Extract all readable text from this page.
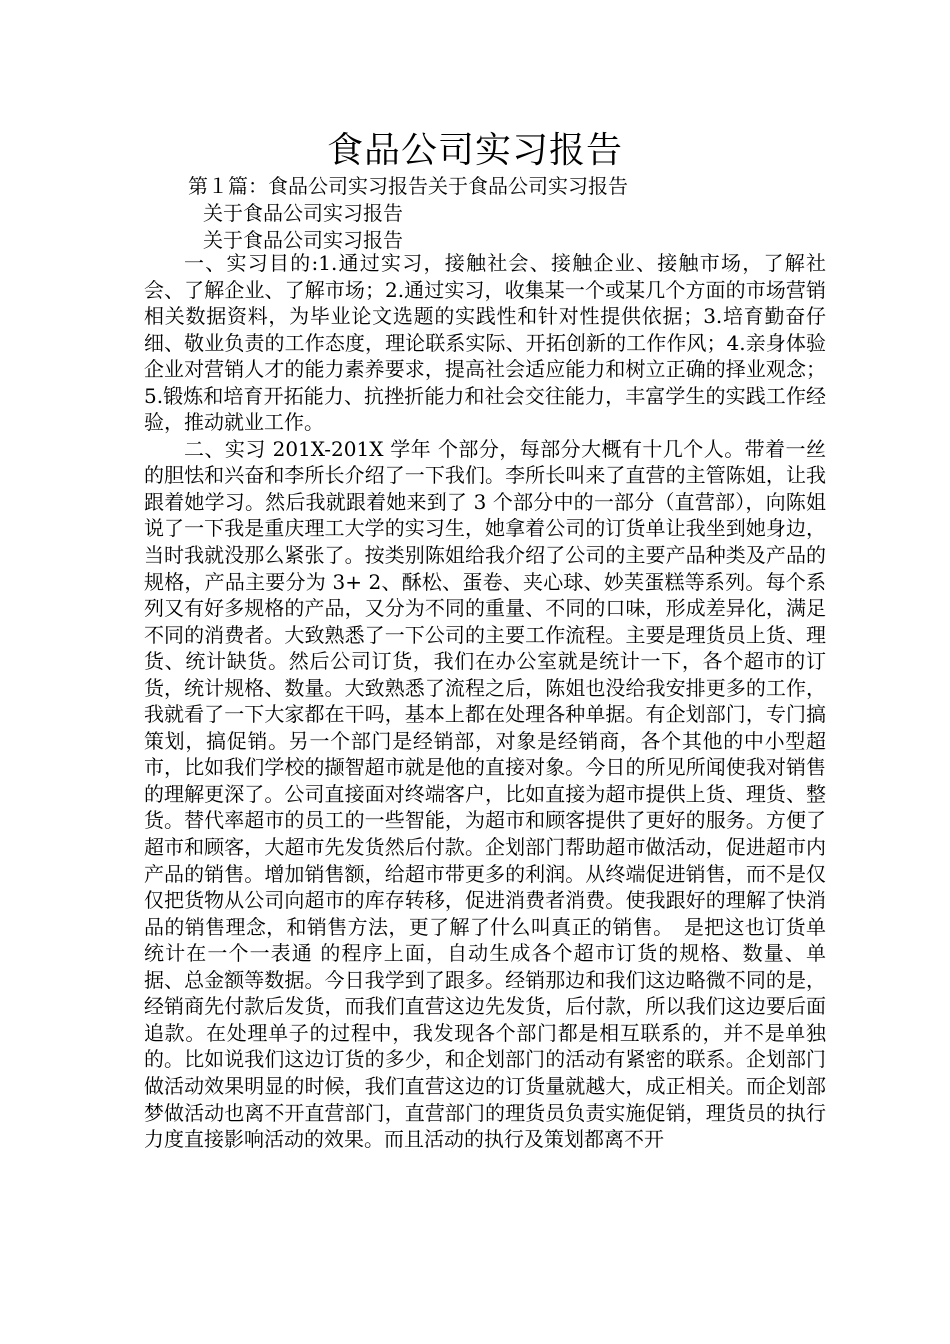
食品公司实习报告
第１篇：食品公司实习报告关于食品公司实习报告
关于食品公司实习报告
关于食品公司实习报告

一、实习目的:1.通过实习，接触社会、接触企业、接触市场，了解社会、了解企业、了解市场；2.通过实习，收集某一个或某几个方面的市场营销相关数据资料，为毕业论文选题的实践性和针对性提供依据；3.培育勤奋仔细、敬业负责的工作态度，理论联系实际、开拓创新的工作作风；4.亲身体验企业对营销人才的能力素养要求，提高社会适应能力和树立正确的择业观念；5.锻炼和培育开拓能力、抗挫折能力和社会交往能力，丰富学生的实践工作经验，推动就业工作。

二、实习 201X-201X 学年 个部分，每部分大概有十几个人。带着一丝的胆怯和兴奋和李所长介绍了一下我们。李所长叫来了直营的主管陈姐，让我跟着她学习。然后我就跟着她来到了 3 个部分中的一部分（直营部），向陈姐说了一下我是重庆理工大学的实习生，她拿着公司的订货单让我坐到她身边，当时我就没那么紧张了。按类别陈姐给我介绍了公司的主要产品种类及产品的规格，产品主要分为 3+ 2、酥松、蛋卷、夹心球、妙芙蛋糕等系列。每个系列又有好多规格的产品，又分为不同的重量、不同的口味，形成差异化，满足不同的消费者。大致熟悉了一下公司的主要工作流程。主要是理货员上货、理货、统计缺货。然后公司订货，我们在办公室就是统计一下，各个超市的订货，统计规格、数量。大致熟悉了流程之后，陈姐也没给我安排更多的工作，我就看了一下大家都在干吗，基本上都在处理各种单据。有企划部门，专门搞策划，搞促销。另一个部门是经销部，对象是经销商，各个其他的中小型超市，比如我们学校的撷智超市就是他的直接对象。今日的所见所闻使我对销售的理解更深了。公司直接面对终端客户，比如直接为超市提供上货、理货、整货。替代率超市的员工的一些智能，为超市和顾客提供了更好的服务。方便了超市和顾客，大超市先发货然后付款。企划部门帮助超市做活动，促进超市内产品的销售。增加销售额，给超市带更多的利润。从终端促进销售，而不是仅仅把货物从公司向超市的库存转移，促进消费者消费。使我跟好的理解了快消品的销售理念，和销售方法，更了解了什么叫真正的销售。　是把这也订货单统计在一个一表通 的程序上面，自动生成各个超市订货的规格、数量、单据、总金额等数据。今日我学到了跟多。经销那边和我们这边略微不同的是，经销商先付款后发货，而我们直营这边先发货，后付款，所以我们这边要后面追款。在处理单子的过程中，我发现各个部门都是相互联系的，并不是单独的。比如说我们这边订货的多少，和企划部门的活动有紧密的联系。企划部门做活动效果明显的时候，我们直营这边的订货量就越大，成正相关。而企划部梦做活动也离不开直营部门，直营部门的理货员负责实施促销，理货员的执行力度直接影响活动的效果。而且活动的执行及策划都离不开
